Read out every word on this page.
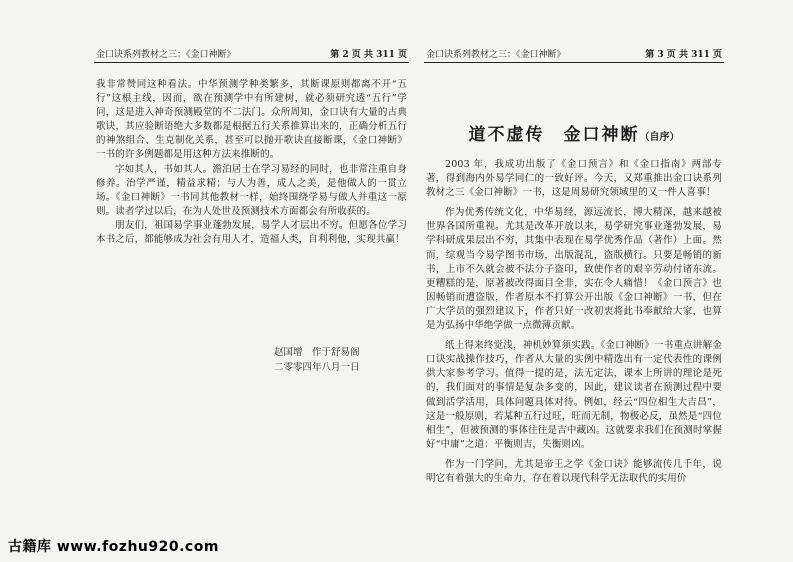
金口诀系列教材之三：《金口神断》	第 2 页 共 311 页

我非常赞同这种看法。中华预测学种类繁多，其断课原则都离不开“五行”这根主线，因而，欲在预测学中有所建树，就必须研究透“五行”学问，这是进入神奇预测殿堂的不二法门。众所周知，金口诀有大量的古典歌诀，其应验断语绝大多数都是根据五行关系推算出来的，正确分析五行的神煞组合、生克制化关系，甚至可以抛开歌诀直接断课，《金口神断》一书的许多例题都是用这种方法来推断的。

字如其人，书如其人。澹泊居士在学习易经的同时，也非常注重自身修养。治学严谨，精益求精；与人为善，成人之美，是他做人的一贯立场。《金口神断》一书同其他教材一样，始终围绕学易与做人并重这一原则。读者学过以后，在为人处世及预测技术方面都会有所收获的。

朋友们，祖国易学事业蓬勃发展，易学人才层出不穷。但愿各位学习本书之后，都能够成为社会有用人才，造福人类，自利利他，实现共赢！

赵国增　作于舒易阁
二零零四年八月一日
金口诀系列教材之三：《金口神断》	第 3 页 共 311 页
道不虚传　金口神断（自序）

2003 年，我成功出版了《金口预言》和《金口指南》两部专著，得到海内外易学同仁的一致好评。今天，又郑重推出金口诀系列教材之三《金口神断》一书，这是周易研究领域里的又一件人喜事！

作为优秀传统文化，中华易经，源远流长，博大精深，越来越被世界各国所重视。尤其是改革开放以来，易学研究事业蓬勃发展，易学科研成果层出不穷，其集中表现在易学优秀作品（著作）上面。然而，综观当今易学图书市场，出版混乱，盗版横行。只要是畅销的新书，上市不久就会被不法分子盗印，致使作者的艰辛劳动付诸东流。更糟糕的是，原著被改得面目全非，实在令人痛惜！《金口预言》也因畅销而遭盗版，作者原本不打算公开出版《金口神断》一书，但在广大学员的强烈建议下，作者只好一改初衷将此书奉献给大家，也算是为弘扬中华绝学做一点微薄贡献。

纸上得来终觉浅，神机妙算须实践。《金口神断》一书重点讲解金口诀实战操作技巧，作者从大量的实例中精选出有一定代表性的课例供大家参考学习。值得一提的是，法无定法，课本上所讲的理论是死的，我们面对的事情是复杂多变的，因此，建议读者在预测过程中要做到活学活用，具体问题具体对待。例如，经云“四位相生大吉昌”，这是一般原则，若某种五行过旺，旺而无制，物极必反，虽然是“四位相生”，但被预测的事体往往是吉中藏凶。这就要求我们在预测时掌握好“中庸”之道：平衡则吉，失衡则凶。

作为一门学问，尤其是帝王之学《金口诀》能够流传几千年，说明它有着强大的生命力，存在着以现代科学无法取代的实用价

古籍库 www.fozhu920.com
